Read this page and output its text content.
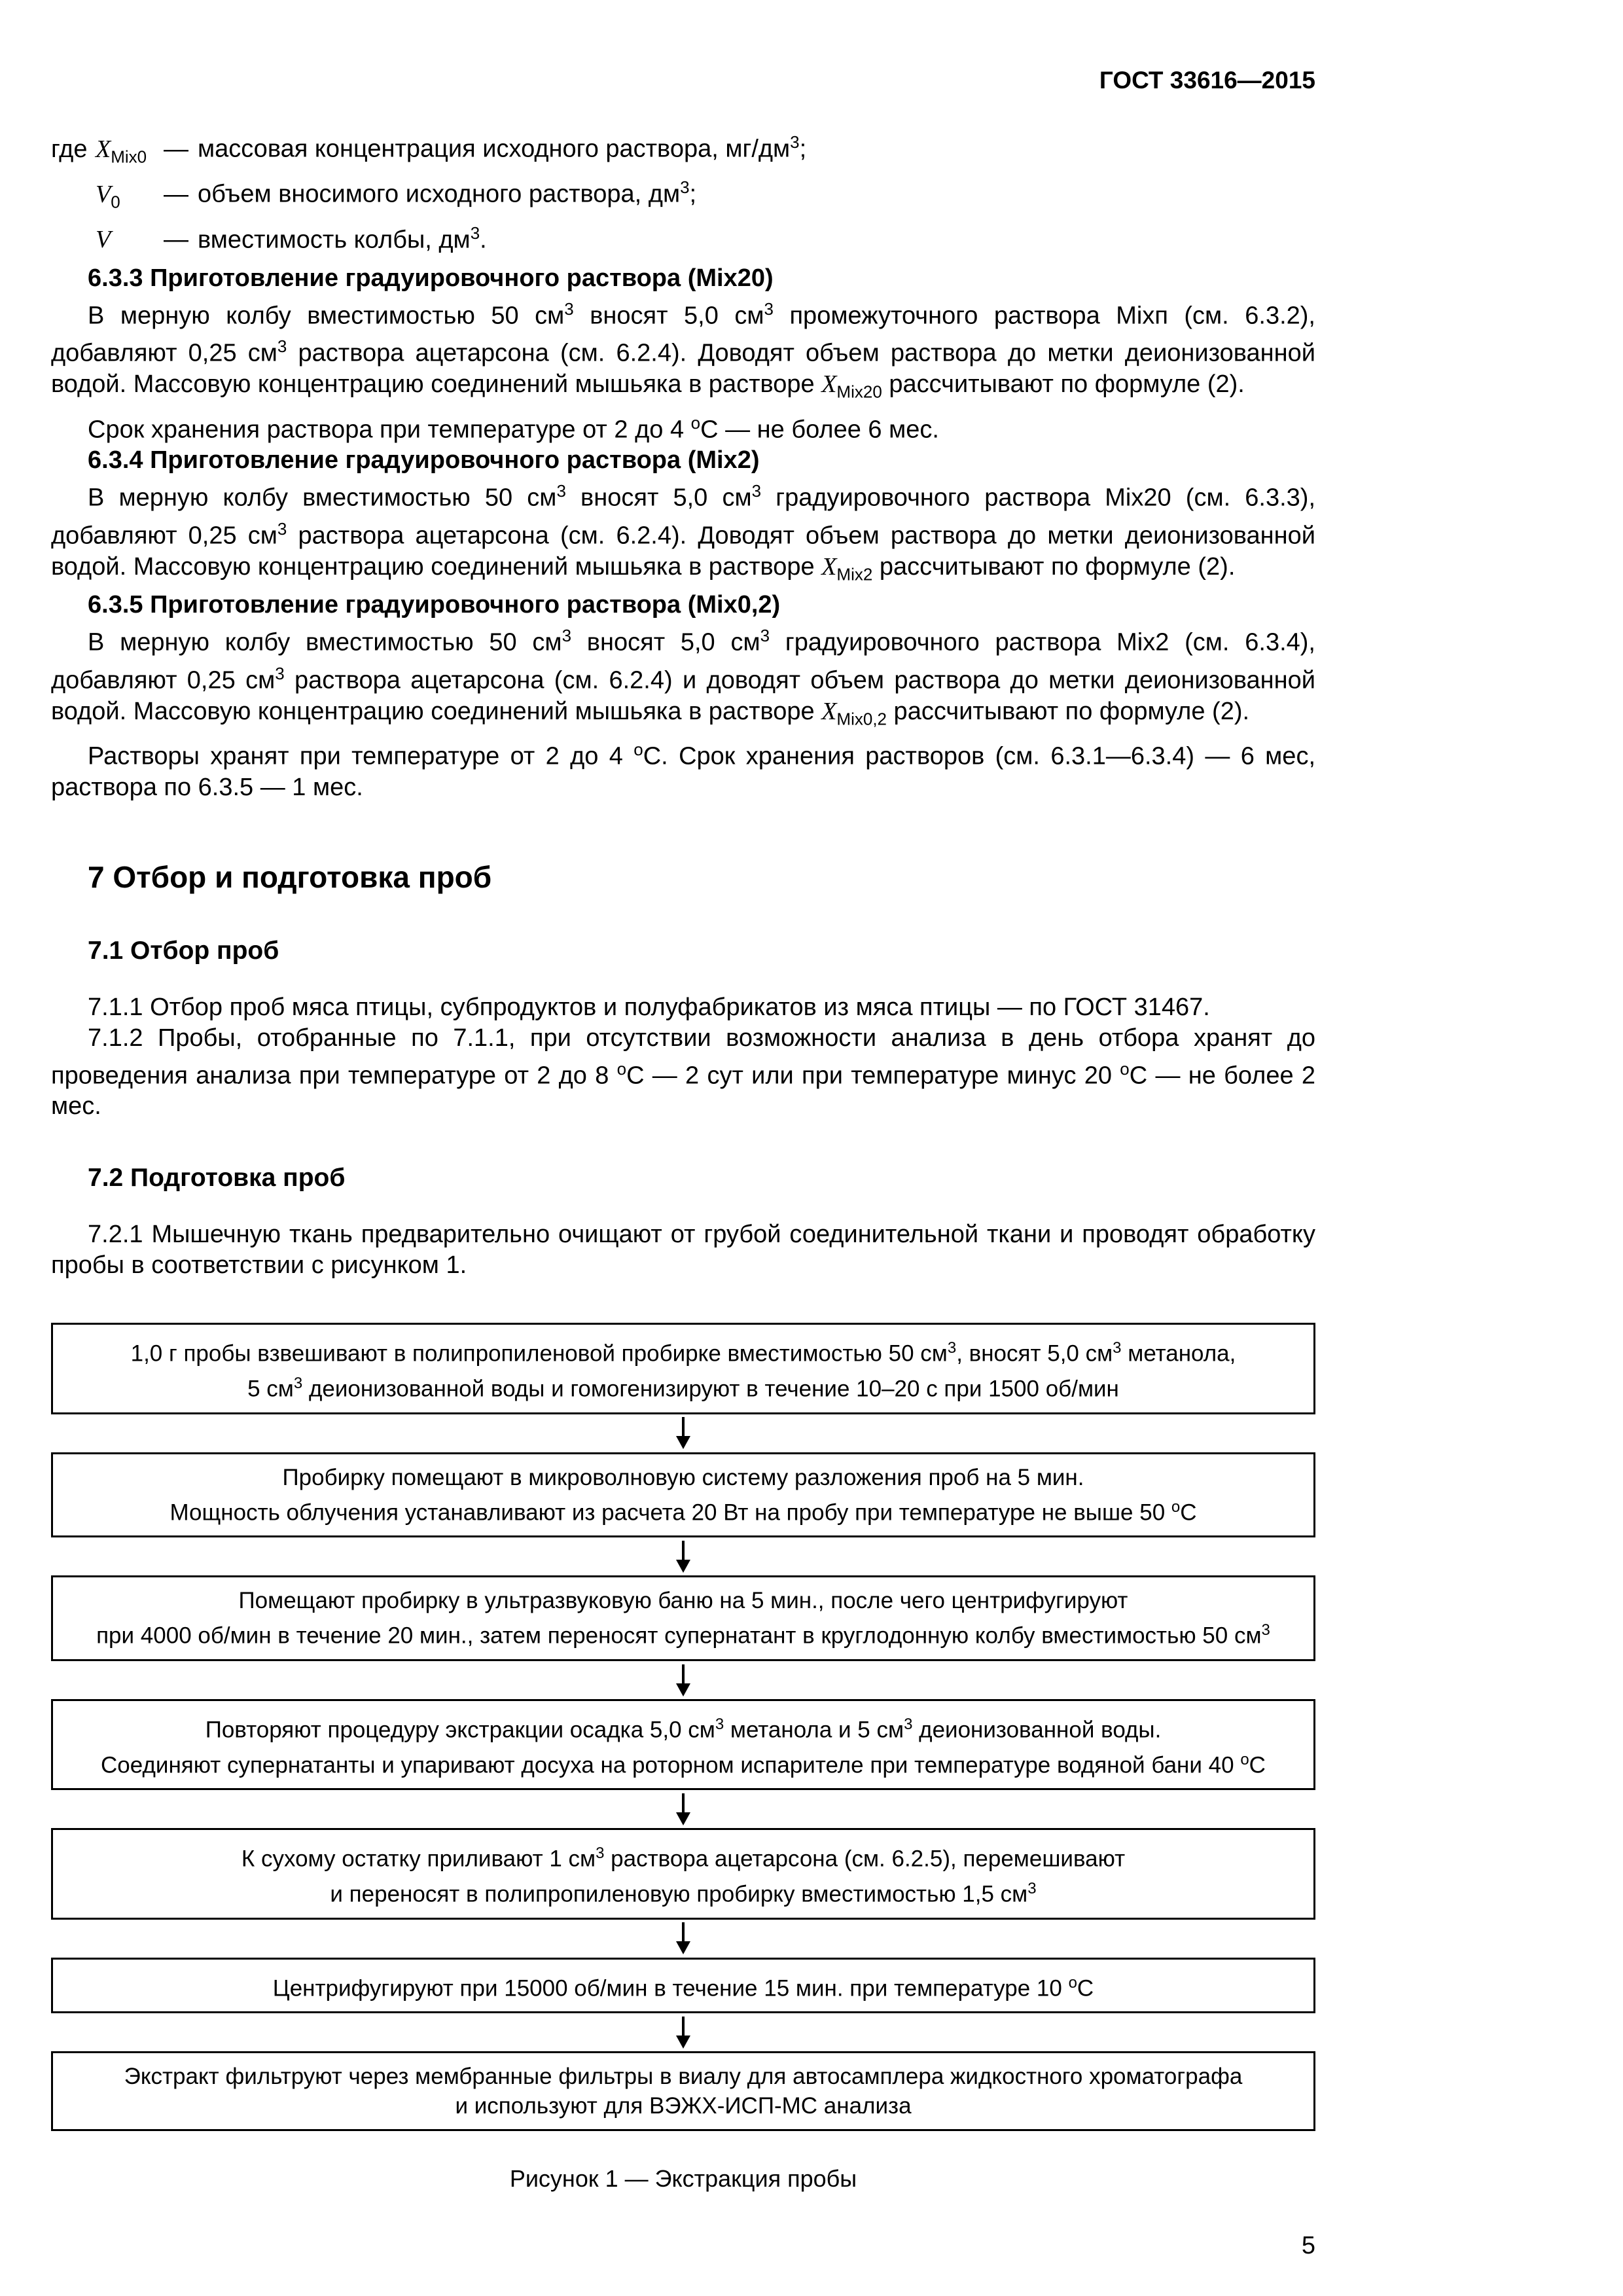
ГОСТ 33616—2015
где $X_{Mix0}$ — массовая концентрация исходного раствора, $мг/дм^3$;
$V_0$	— объем вносимого исходного раствора, $дм^3$;
V	— вместимость колбы, $дм^3$.
6.3.3 Приготовление градуировочного раствора (Mix20)

В мерную колбу вместимостью 50 $см^3$ вносят 5,0 $см^3$ промежуточного раствора Mixп (см. 6.3.2), добавляют 0,25 $см^3$ раствора ацетарсона (см. 6.2.4). Доводят объем раствора до метки деионизованной водой. Массовую концентрацию соединений мышьяка в растворе $X_{Mix20}$ рассчитывают по формуле (2).

Срок хранения раствора при температуре от 2 до 4 $^о$С — не более 6 мес.

6.3.4 Приготовление градуировочного раствора (Mix2)

В мерную колбу вместимостью 50 $см^3$ вносят 5,0 $см^3$ градуировочного раствора Mix20 (см. 6.3.3), добавляют 0,25 $см^3$ раствора ацетарсона (см. 6.2.4). Доводят объем раствора до метки деионизованной водой. Массовую концентрацию соединений мышьяка в растворе $X_{Mix2}$ рассчитывают по формуле (2).

6.3.5 Приготовление градуировочного раствора (Mix0,2)

В мерную колбу вместимостью 50 $см^3$ вносят 5,0 $см^3$ градуировочного раствора Mix2 (см. 6.3.4), добавляют 0,25 $см^3$ раствора ацетарсона (см. 6.2.4) и доводят объем раствора до метки деионизованной водой. Массовую концентрацию соединений мышьяка в растворе $X_{Mix0,2}$ рассчитывают по формуле (2).

Растворы хранят при температуре от 2 до 4 $^о$С. Срок хранения растворов (см. 6.3.1—6.3.4) — 6 мес, раствора по 6.3.5 — 1 мес.

7 Отбор и подготовка проб
7.1 Отбор проб

7.1.1 Отбор проб мяса птицы, субпродуктов и полуфабрикатов из мяса птицы — по ГОСТ 31467.

7.1.2 Пробы, отобранные по 7.1.1, при отсутствии возможности анализа в день отбора хранят до проведения анализа при температуре от 2 до 8 $^о$С — 2 сут или при температуре минус 20 $^о$С — не более 2 мес.

7.2 Подготовка проб

7.2.1 Мышечную ткань предварительно очищают от грубой соединительной ткани и проводят обработку пробы в соответствии с рисунком 1.

1,0 г пробы взвешивают в полипропиленовой пробирке вместимостью 50 $см^3$, вносят 5,0 $см^3$ метанола,
5 $см^3$ деионизованной воды и гомогенизируют в течение 10–20 с при 1500 об/мин
Пробирку помещают в микроволновую систему разложения проб на 5 мин.
Мощность облучения устанавливают из расчета 20 Вт на пробу при температуре не выше 50 $^о$С
Помещают пробирку в ультразвуковую баню на 5 мин., после чего центрифугируют
при 4000 об/мин в течение 20 мин., затем переносят супернатант в круглодонную колбу вместимостью 50 $см^3$
Повторяют процедуру экстракции осадка 5,0 $см^3$ метанола и 5 $см^3$ деионизованной воды.
Соединяют супернатанты и упаривают досуха на роторном испарителе при температуре водяной бани 40 $^о$С
К сухому остатку приливают 1 $см^3$ раствора ацетарсона (см. 6.2.5), перемешивают
и переносят в полипропиленовую пробирку вместимостью 1,5 $см^3$
Центрифугируют при 15000 об/мин в течение 15 мин. при температуре 10 $^о$С
Экстракт фильтруют через мембранные фильтры в виалу для автосамплера жидкостного хроматографа
и используют для ВЭЖХ-ИСП-МС анализа
Рисунок 1 — Экстракция пробы
5
